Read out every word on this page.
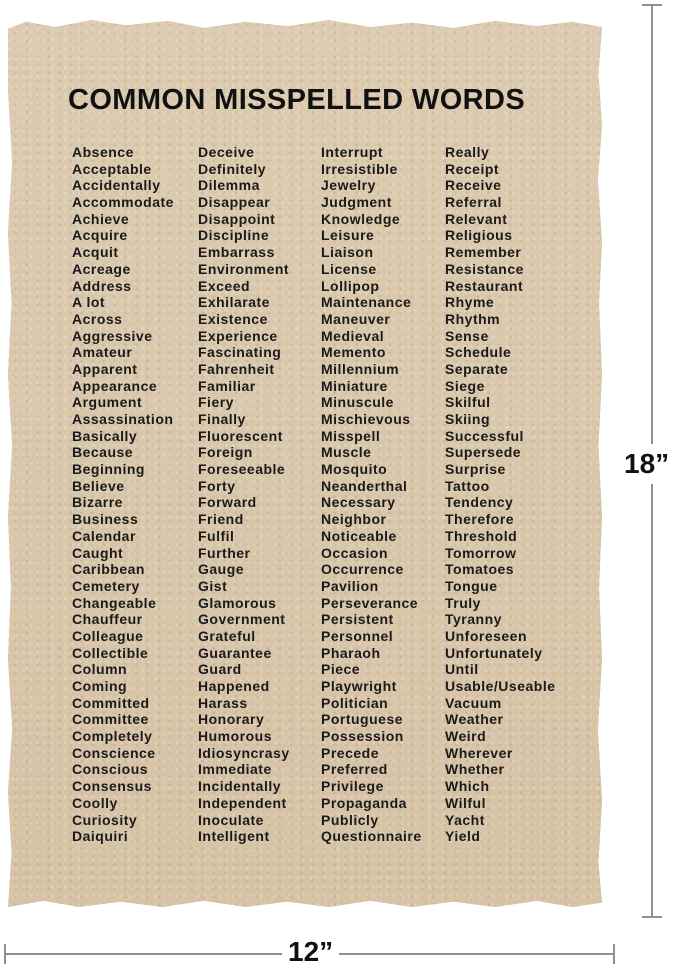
COMMON MISSPELLED WORDS
Absence
Acceptable
Accidentally
Accommodate
Achieve
Acquire
Acquit
Acreage
Address
A lot
Across
Aggressive
Amateur
Apparent
Appearance
Argument
Assassination
Basically
Because
Beginning
Believe
Bizarre
Business
Calendar
Caught
Caribbean
Cemetery
Changeable
Chauffeur
Colleague
Collectible
Column
Coming
Committed
Committee
Completely
Conscience
Conscious
Consensus
Coolly
Curiosity
Daiquiri
Deceive
Definitely
Dilemma
Disappear
Disappoint
Discipline
Embarrass
Environment
Exceed
Exhilarate
Existence
Experience
Fascinating
Fahrenheit
Familiar
Fiery
Finally
Fluorescent
Foreign
Foreseeable
Forty
Forward
Friend
Fulfil
Further
Gauge
Gist
Glamorous
Government
Grateful
Guarantee
Guard
Happened
Harass
Honorary
Humorous
Idiosyncrasy
Immediate
Incidentally
Independent
Inoculate
Intelligent
Interrupt
Irresistible
Jewelry
Judgment
Knowledge
Leisure
Liaison
License
Lollipop
Maintenance
Maneuver
Medieval
Memento
Millennium
Miniature
Minuscule
Mischievous
Misspell
Muscle
Mosquito
Neanderthal
Necessary
Neighbor
Noticeable
Occasion
Occurrence
Pavilion
Perseverance
Persistent
Personnel
Pharaoh
Piece
Playwright
Politician
Portuguese
Possession
Precede
Preferred
Privilege
Propaganda
Publicly
Questionnaire
Really
Receipt
Receive
Referral
Relevant
Religious
Remember
Resistance
Restaurant
Rhyme
Rhythm
Sense
Schedule
Separate
Siege
Skilful
Skiing
Successful
Supersede
Surprise
Tattoo
Tendency
Therefore
Threshold
Tomorrow
Tomatoes
Tongue
Truly
Tyranny
Unforeseen
Unfortunately
Until
Usable/Useable
Vacuum
Weather
Weird
Wherever
Whether
Which
Wilful
Yacht
Yield
18”
12”
